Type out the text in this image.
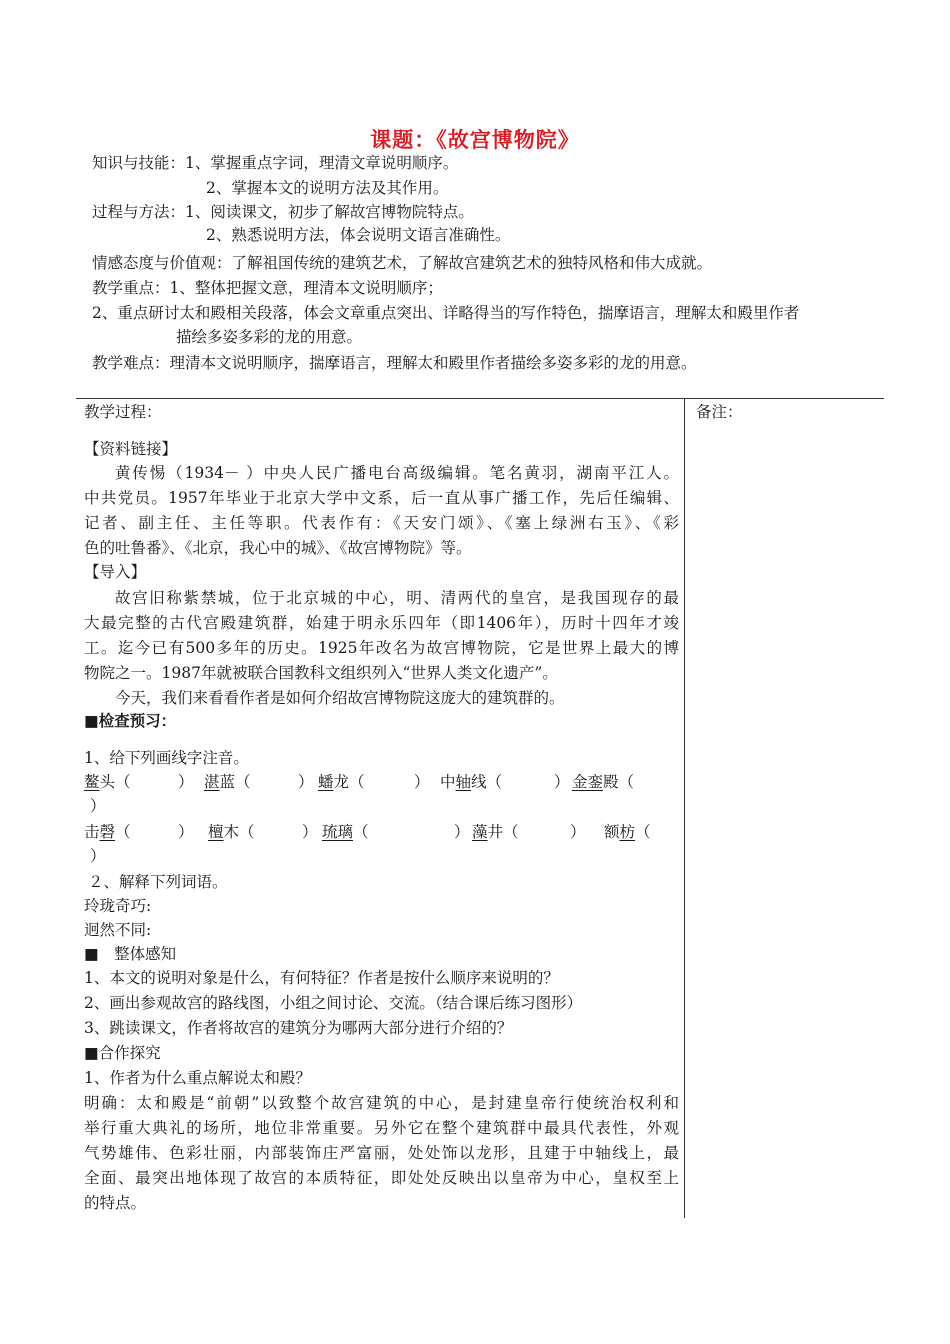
课题：《故宫博物院》
知识与技能：1、掌握重点字词，理清文章说明顺序。
2、掌握本文的说明方法及其作用。
过程与方法：1、阅读课文，初步了解故宫博物院特点。
2、熟悉说明方法，体会说明文语言准确性。
情感态度与价值观：了解祖国传统的建筑艺术，了解故宫建筑艺术的独特风格和伟大成就。
教学重点：1、整体把握文意，理清本文说明顺序；
2、重点研讨太和殿相关段落，体会文章重点突出、详略得当的写作特色，揣摩语言，理解太和殿里作者
描绘多姿多彩的龙的用意。
教学难点：理清本文说明顺序，揣摩语言，理解太和殿里作者描绘多姿多彩的龙的用意。
备注：
教学过程：
【资料链接】
黄传惕（1934－ ）中央人民广播电台高级编辑。笔名黄羽，湖南平江人。
中共党员。1957年毕业于北京大学中文系，后一直从事广播工作，先后任编辑、
记者、副主任、主任等职。代表作有：《天安门颂》、《塞上绿洲右玉》、《彩
色的吐鲁番》、《北京，我心中的城》、《故宫博物院》等。
【导入】
故宫旧称紫禁城，位于北京城的中心，明、清两代的皇宫，是我国现存的最
大最完整的古代宫殿建筑群，始建于明永乐四年（即1406年），历时十四年才竣
工。迄今已有500多年的历史。1925年改名为故宫博物院，它是世界上最大的博
物院之一。1987年就被联合国教科文组织列入“世界人类文化遗产”。
今天，我们来看看作者是如何介绍故宫博物院这庞大的建筑群的。
■检查预习：
1、给下列画线字注音。
鳌头（	） 湛蓝（	） 蟠龙（	） 中轴线（	） 金銮殿（
）
击磬（	） 檀木（	） 琉璃（	） 藻井（	） 额枋（
）
２、解释下列词语。
玲珑奇巧:
迥然不同:
■　整体感知
1、本文的说明对象是什么，有何特征？作者是按什么顺序来说明的？
2、画出参观故宫的路线图，小组之间讨论、交流。（结合课后练习图形）
3、跳读课文，作者将故宫的建筑分为哪两大部分进行介绍的？
■合作探究
1、作者为什么重点解说太和殿？
明确：太和殿是“前朝”以致整个故宫建筑的中心，是封建皇帝行使统治权利和
举行重大典礼的场所，地位非常重要。另外它在整个建筑群中最具代表性，外观
气势雄伟、色彩壮丽，内部装饰庄严富丽，处处饰以龙形，且建于中轴线上，最
全面、最突出地体现了故宫的本质特征，即处处反映出以皇帝为中心，皇权至上
的特点。
